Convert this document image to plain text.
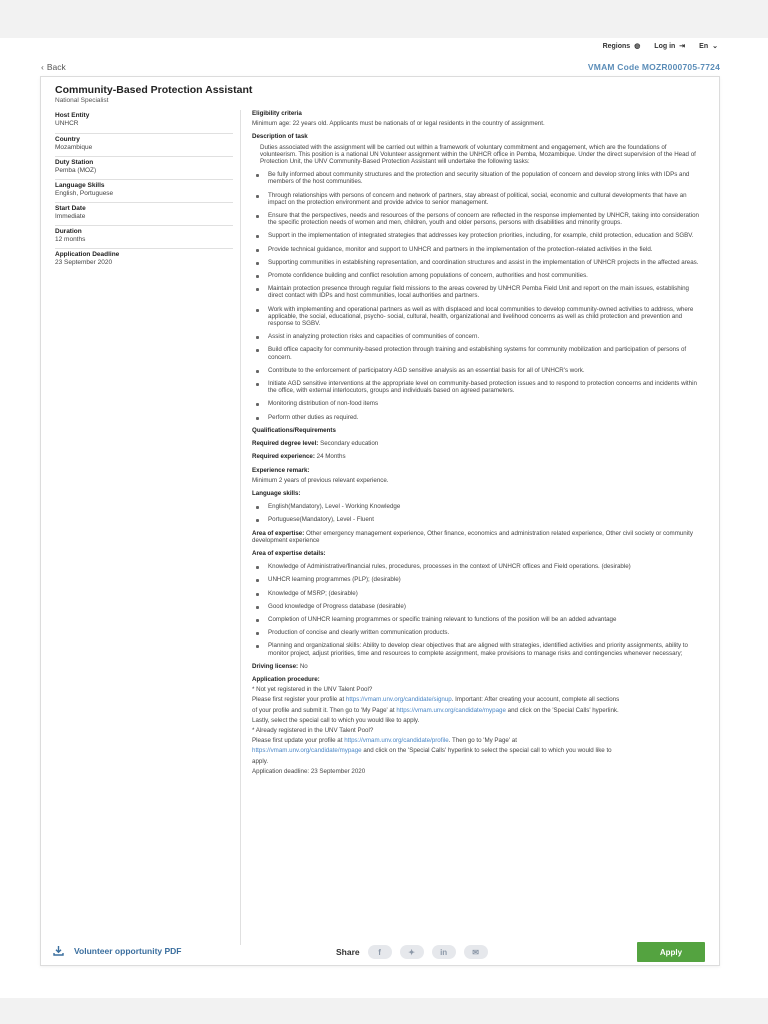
Regions ◍ Log in ⇥ En ⌄
‹ Back	VMAM Code MOZR000705-7724
Community-Based Protection Assistant
National Specialist
Host Entity
UNHCR
Country
Mozambique
Duty Station
Pemba (MOZ)
Language Skills
English, Portuguese
Start Date
Immediate
Duration
12 months
Application Deadline
23 September 2020
Eligibility criteria
Minimum age: 22 years old. Applicants must be nationals of or legal residents in the country of assignment.
Description of task
Duties associated with the assignment will be carried out within a framework of voluntary commitment and engagement, which are the foundations of volunteerism. This position is a national UN Volunteer assignment within the UNHCR office in Pemba, Mozambique. Under the direct supervision of the Head of Protection Unit, the UNV Community-Based Protection Assistant will undertake the following tasks:
Be fully informed about community structures and the protection and security situation of the population of concern and develop strong links with IDPs and members of the host communities.
Through relationships with persons of concern and network of partners, stay abreast of political, social, economic and cultural developments that have an impact on the protection environment and provide advice to senior management.
Ensure that the perspectives, needs and resources of the persons of concern are reflected in the response implemented by UNHCR, taking into consideration the specific protection needs of women and men, children, youth and older persons, persons with disabilities and minority groups.
Support in the implementation of integrated strategies that addresses key protection priorities, including, for example, child protection, education and SGBV.
Provide technical guidance, monitor and support to UNHCR and partners in the implementation of the protection-related activities in the field.
Supporting communities in establishing representation, and coordination structures and assist in the implementation of UNHCR projects in the affected areas.
Promote confidence building and conflict resolution among populations of concern, authorities and host communities.
Maintain protection presence through regular field missions to the areas covered by UNHCR Pemba Field Unit and report on the main issues, establishing direct contact with IDPs and host communities, local authorities and partners.
Work with implementing and operational partners as well as with displaced and local communities to develop community-owned activities to address, where applicable, the social, educational, psycho- social, cultural, health, organizational and livelihood concerns as well as child protection and prevention and response to SGBV.
Assist in analyzing protection risks and capacities of communities of concern.
Build office capacity for community-based protection through training and establishing systems for community mobilization and participation of persons of concern.
Contribute to the enforcement of participatory AGD sensitive analysis as an essential basis for all of UNHCR's work.
Initiate AGD sensitive interventions at the appropriate level on community-based protection issues and to respond to protection concerns and incidents within the office, with external interlocutors, groups and individuals based on agreed parameters.
Monitoring distribution of non-food items
Perform other duties as required.
Qualifications/Requirements
Required degree level: Secondary education
Required experience: 24 Months
Experience remark:
Minimum 2 years of previous relevant experience.
Language skills:
English(Mandatory), Level - Working Knowledge
Portuguese(Mandatory), Level - Fluent
Area of expertise: Other emergency management experience, Other finance, economics and administration related experience, Other civil society or community development experience
Area of expertise details:
Knowledge of Administrative/financial rules, procedures, processes in the context of UNHCR offices and Field operations. (desirable)
UNHCR learning programmes (PLP); (desirable)
Knowledge of MSRP; (desirable)
Good knowledge of Progress database (desirable)
Completion of UNHCR learning programmes or specific training relevant to functions of the position will be an added advantage
Production of concise and clearly written communication products.
Planning and organizational skills: Ability to develop clear objectives that are aligned with strategies, identified activities and priority assignments, ability to monitor project, adjust priorities, time and resources to complete assignment, make provisions to manage risks and contingencies whenever necessary;
Driving license: No
Application procedure:
* Not yet registered in the UNV Talent Pool?
Please first register your profile at https://vmam.unv.org/candidate/signup. Important: After creating your account, complete all sections
of your profile and submit it. Then go to 'My Page' at https://vmam.unv.org/candidate/mypage and click on the 'Special Calls' hyperlink.
Lastly, select the special call to which you would like to apply.
* Already registered in the UNV Talent Pool?
Please first update your profile at https://vmam.unv.org/candidate/profile. Then go to 'My Page' at
https://vmam.unv.org/candidate/mypage and click on the 'Special Calls' hyperlink to select the special call to which you would like to
apply.
Application deadline: 23 September 2020
Volunteer opportunity PDF	Share	f	✦	in	✉	Apply
